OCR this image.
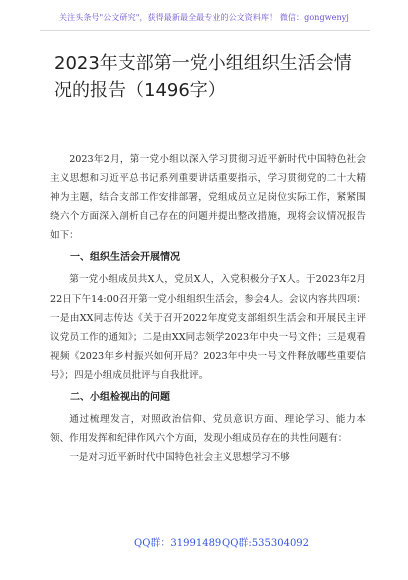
关注头条号"公文研究"，获得最新最全最专业的公文资料库！ 微信：gongwenyj
2023年支部第一党小组组织生活会情况的报告（1496字）

2023年2月，第一党小组以深入学习贯彻习近平新时代中国特色社会主义思想和习近平总书记系列重要讲话重要指示，学习贯彻党的二十大精神为主题，结合支部工作安排部署，党组成员立足岗位实际工作，紧紧围绕六个方面深入剖析自己存在的问题并提出整改措施，现将会议情况报告如下：

一、组织生活会开展情况

第一党小组成员共X人，党员X人，入党积极分子X人。于2023年2月22日下午14:00召开第一党小组组织生活会，参会4人。会议内容共四项：一是由XX同志传达《关于召开2022年度党支部组织生活会和开展民主评议党员工作的通知》；二是由XX同志领学2023年中央一号文件；三是观看视频《2023年乡村振兴如何开局？2023年中央一号文件释放哪些重要信号》；四是小组成员批评与自我批评。

二、小组检视出的问题

通过梳理发言，对照政治信仰、党员意识方面、理论学习、能力本领、作用发挥和纪律作风六个方面，发现小组成员存在的共性问题有：

一是对习近平新时代中国特色社会主义思想学习不够

QQ群：31991489 QQ群:535304092
